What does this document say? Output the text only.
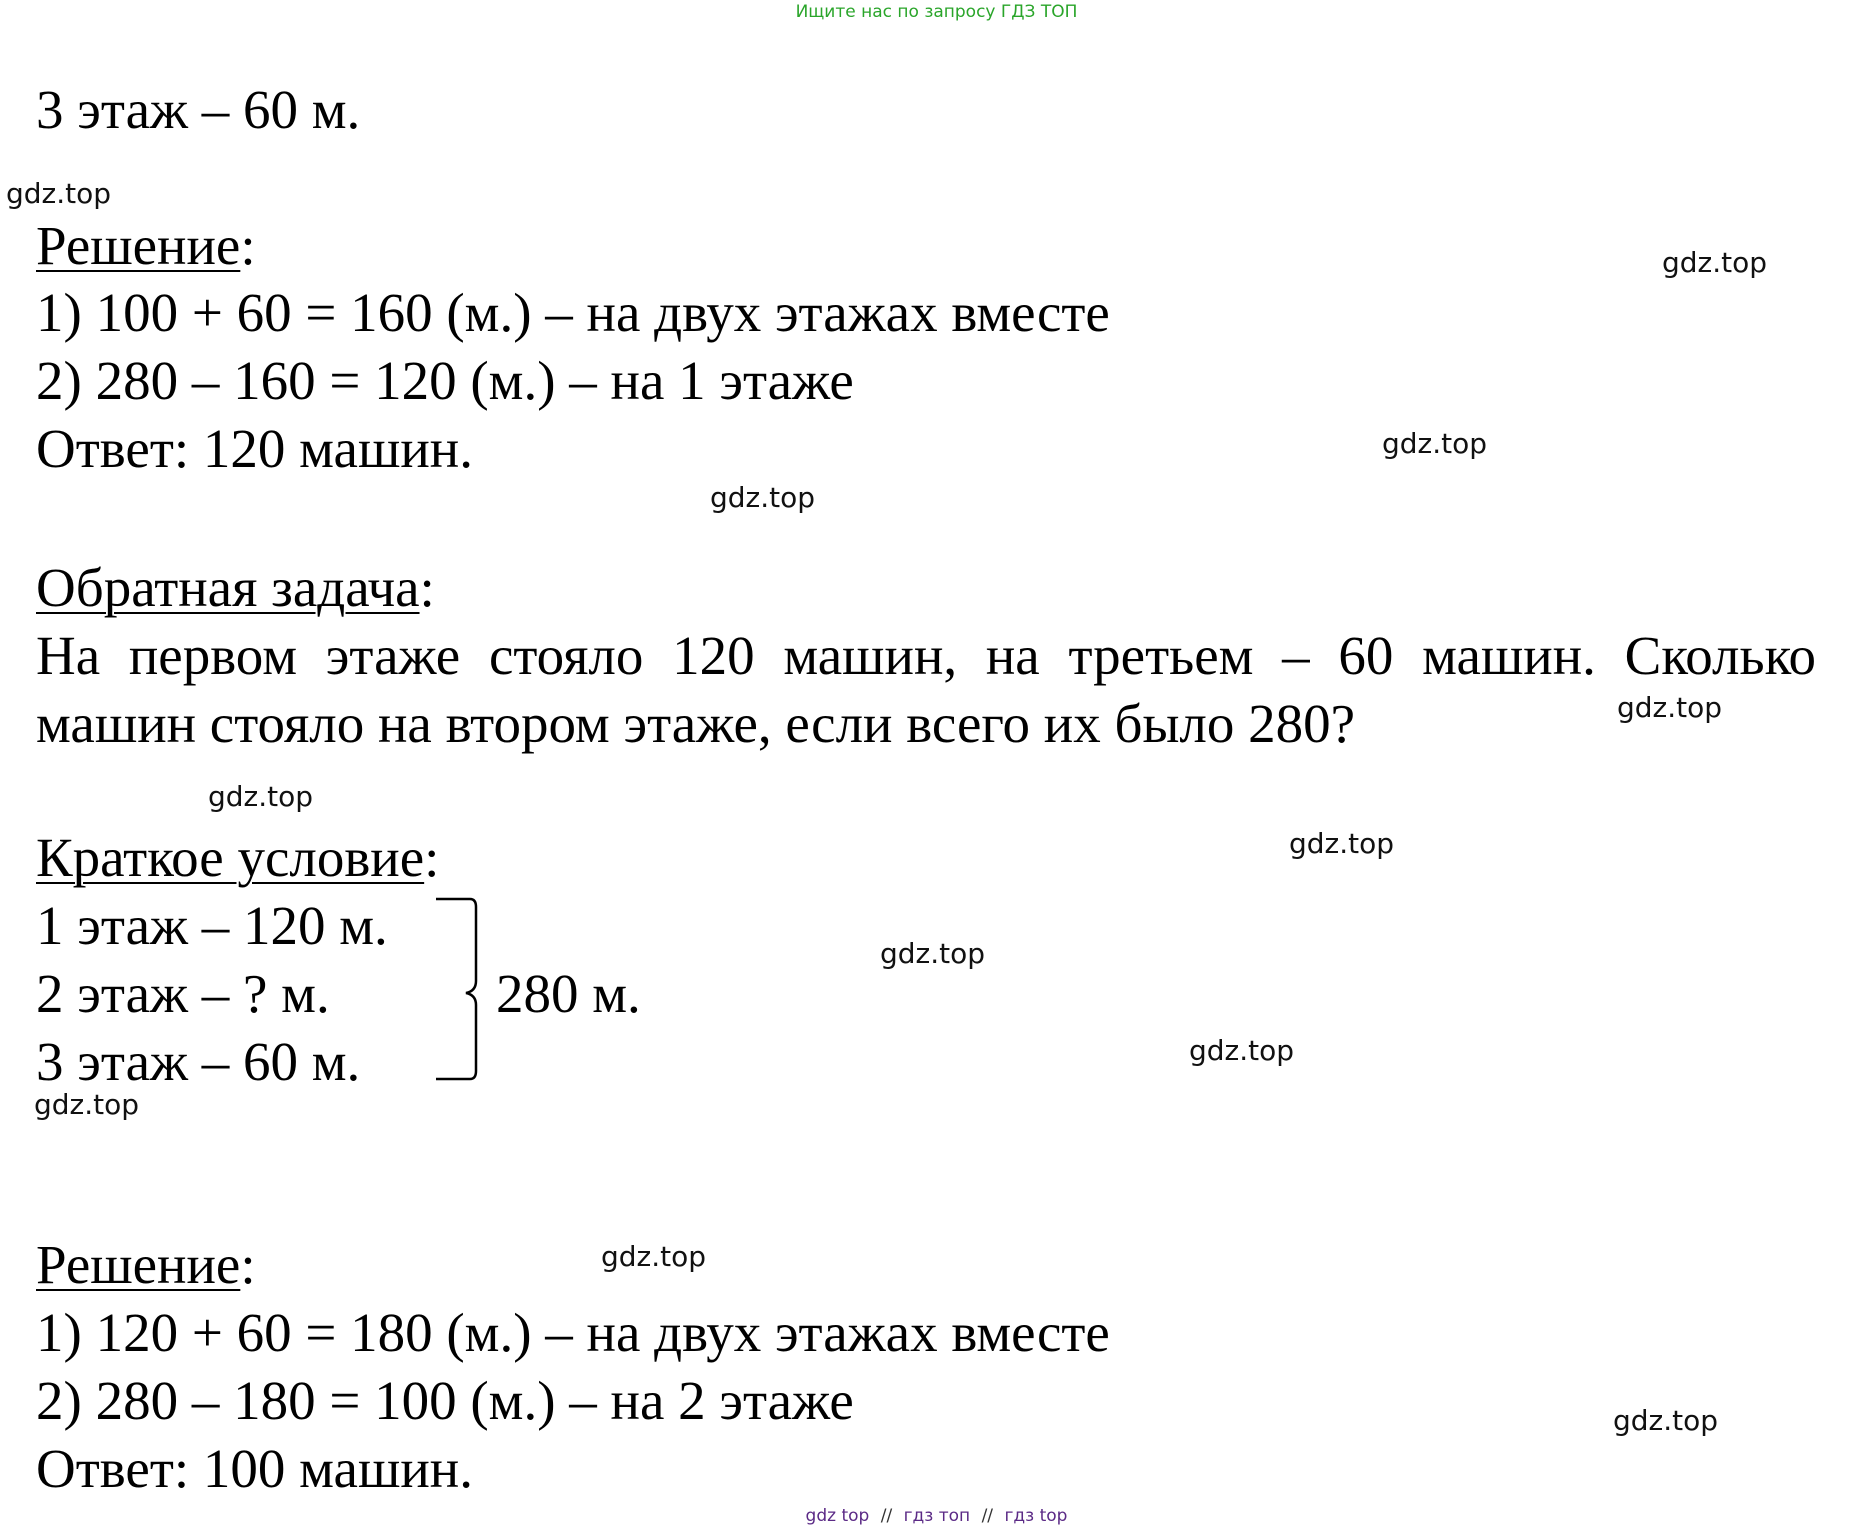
Ищите нас по запросу ГДЗ ТОП
3 этаж – 60 м.
Решение:
1) 100 + 60 = 160 (м.) – на двух этажах вместе
2) 280 – 160 = 120 (м.) – на 1 этаже
Ответ: 120 машин.
Обратная задача:
На первом этаже стояло 120 машин, на третьем – 60 машин. Сколько
машин стояло на втором этаже, если всего их было 280?
Краткое условие:
1 этаж – 120 м.
2 этаж – ? м.
3 этаж – 60 м.
280 м.
Решение:
1) 120 + 60 = 180 (м.) – на двух этажах вместе
2) 280 – 180 = 100 (м.) – на 2 этаже
Ответ: 100 машин.
gdz.top
gdz.top
gdz.top
gdz.top
gdz.top
gdz.top
gdz.top
gdz.top
gdz.top
gdz.top
gdz.top
gdz.top
gdz top // гдз топ // гдз top
